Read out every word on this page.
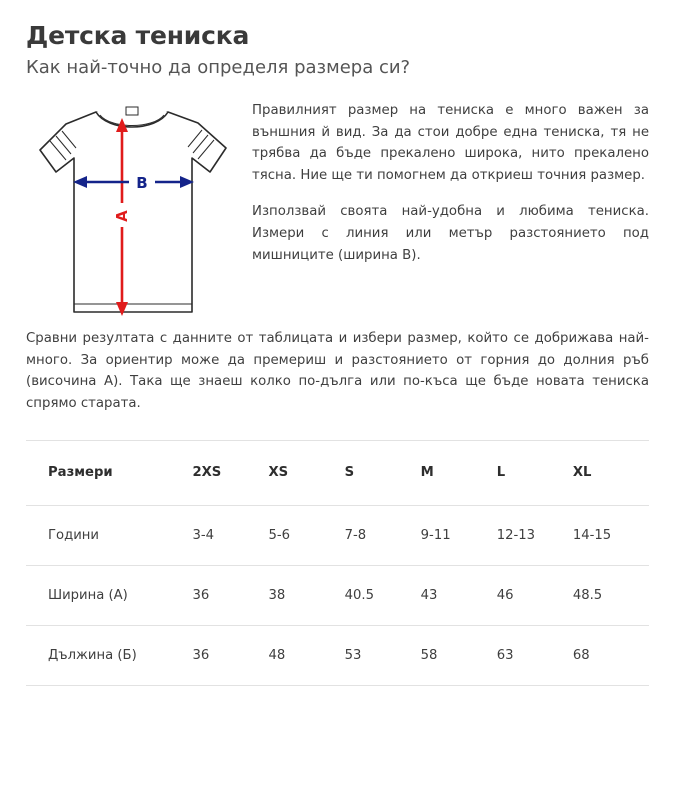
Детска тениска
Как най-точно да определя размера си?
B
A

Правилният размер на тениска е много важен за външния й вид. За да стои добре една тениска, тя не трябва да бъде прекалено широка, нито прекалено тясна. Ние ще ти помогнем да откриеш точния размер.

Използвай своята най-удобна и любима тениска. Измери с линия или метър разстоянието под мишниците (ширина B).

Сравни резултата с данните от таблицата и избери размер, който се добрижава най-много. За ориентир може да премериш и разстоянието от горния до долния ръб (височина A). Така ще знаеш колко по-дълга или по-къса ще бъде новата тениска спрямо старата.

Размери	2XS	XS	S	M	L	XL
Години	3-4	5-6	7-8	9-11	12-13	14-15

Ширина (A)	36	38	40.5	43	46	48.5

Дължина (Б)	36	48	53	58	63	68
